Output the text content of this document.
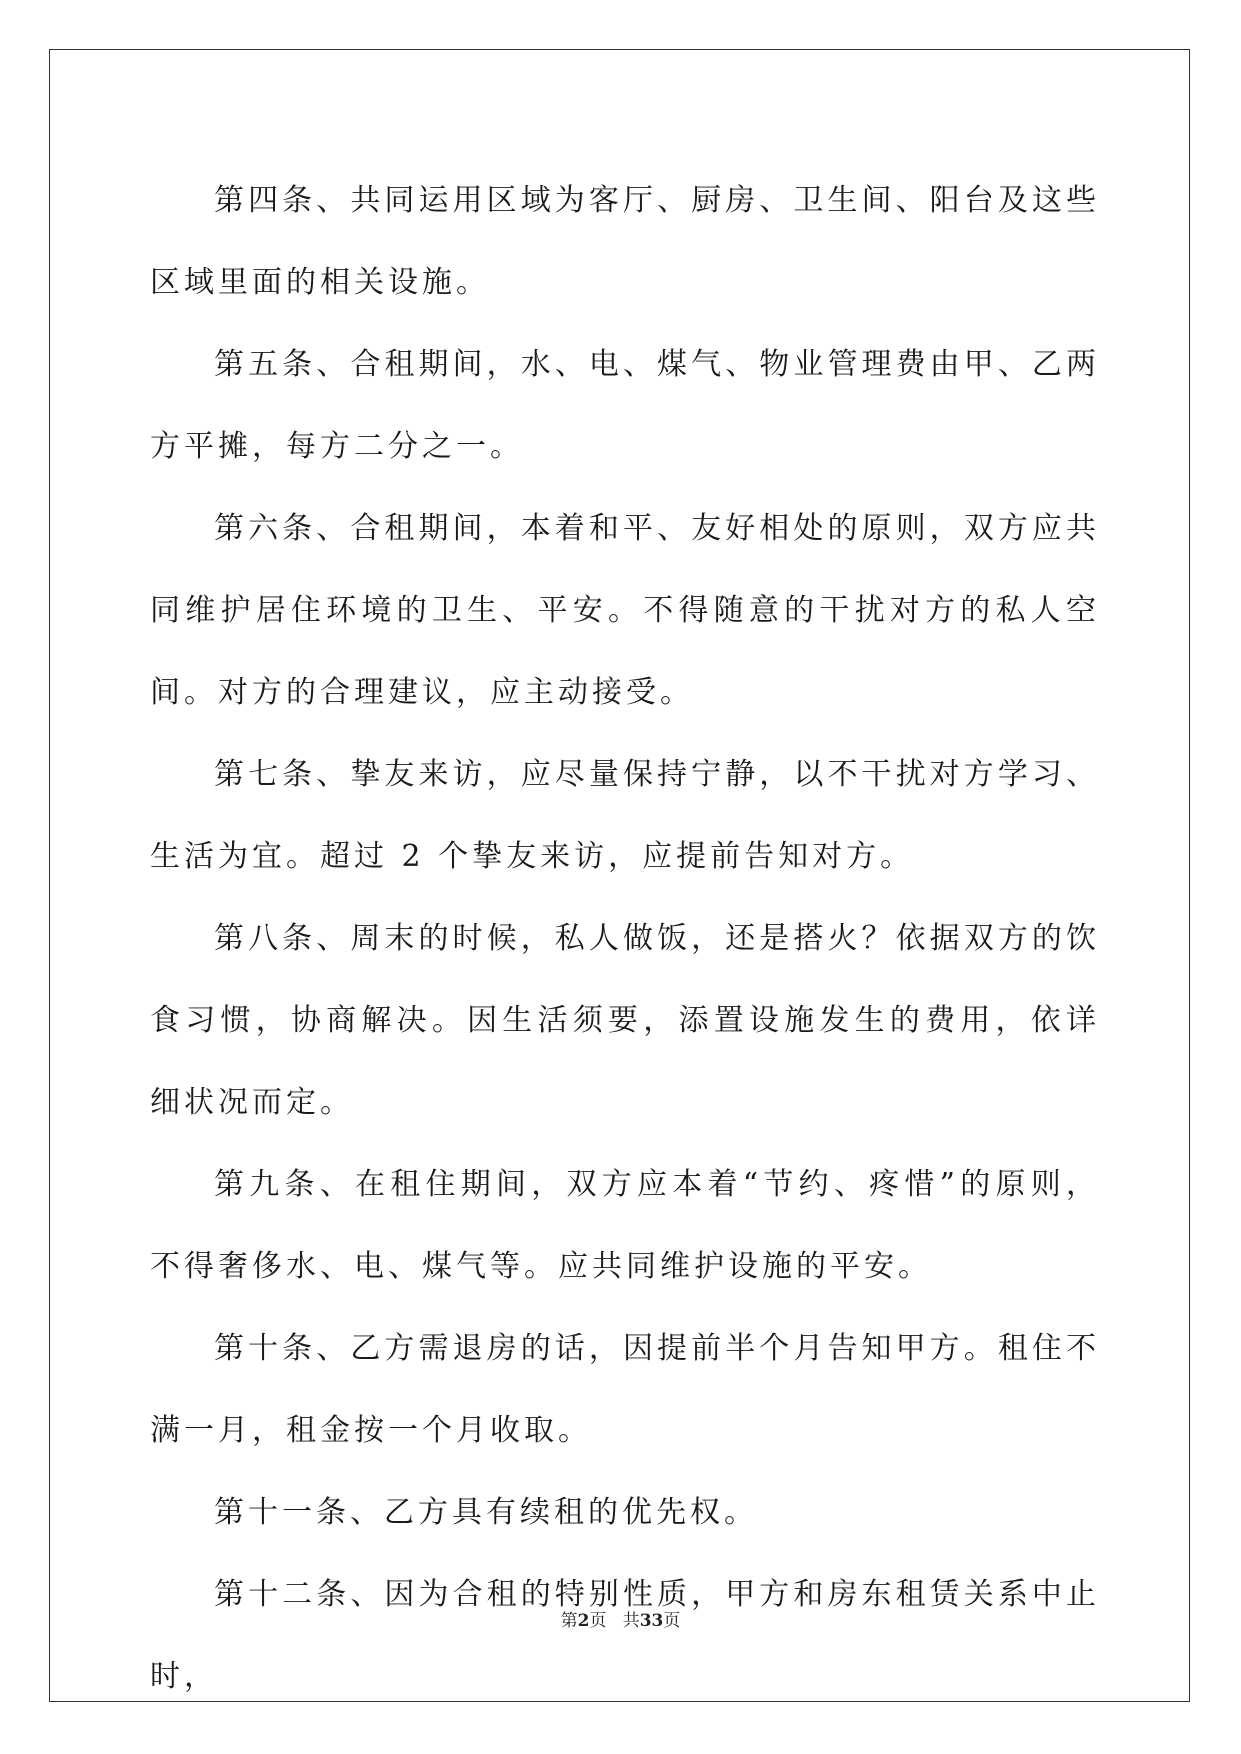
第四条、共同运用区域为客厅、厨房、卫生间、阳台及这些区域里面的相关设施。

第五条、合租期间，水、电、煤气、物业管理费由甲、乙两方平摊，每方二分之一。

第六条、合租期间，本着和平、友好相处的原则，双方应共同维护居住环境的卫生、平安。不得随意的干扰对方的私人空间。对方的合理建议，应主动接受。

第七条、挚友来访，应尽量保持宁静，以不干扰对方学习、生活为宜。超过 2 个挚友来访，应提前告知对方。

第八条、周末的时候，私人做饭，还是搭火？依据双方的饮食习惯，协商解决。因生活须要，添置设施发生的费用，依详细状况而定。

第九条、在租住期间，双方应本着“节约、疼惜”的原则，不得奢侈水、电、煤气等。应共同维护设施的平安。

第十条、乙方需退房的话，因提前半个月告知甲方。租住不满一月，租金按一个月收取。

第十一条、乙方具有续租的优先权。

第十二条、因为合租的特别性质，甲方和房东租赁关系中止时，

第2页 共33页
